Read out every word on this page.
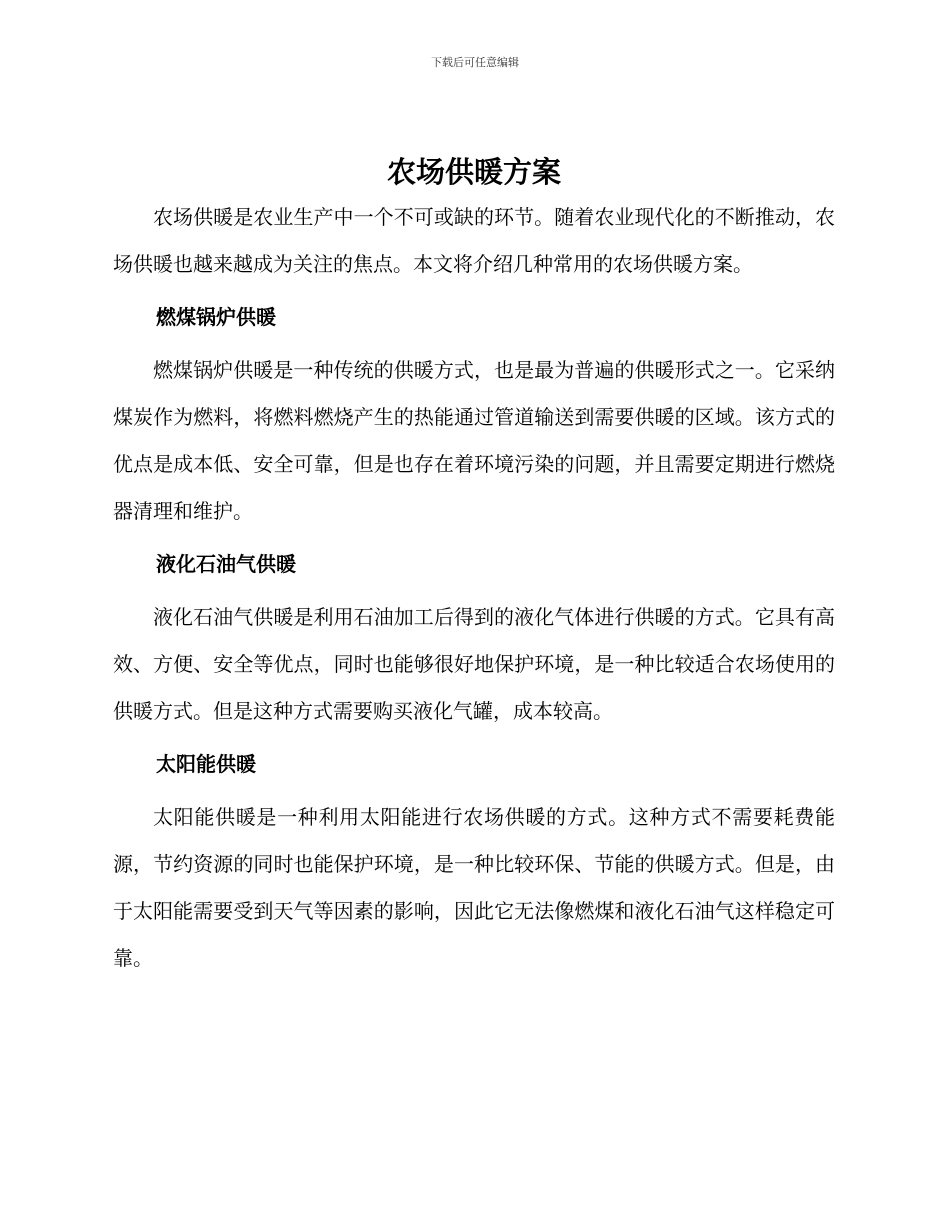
下载后可任意编辑
农场供暖方案

农场供暖是农业生产中一个不可或缺的环节。随着农业现代化的不断推动，农场供暖也越来越成为关注的焦点。本文将介绍几种常用的农场供暖方案。

燃煤锅炉供暖

燃煤锅炉供暖是一种传统的供暖方式，也是最为普遍的供暖形式之一。它采纳煤炭作为燃料，将燃料燃烧产生的热能通过管道输送到需要供暖的区域。该方式的优点是成本低、安全可靠，但是也存在着环境污染的问题，并且需要定期进行燃烧器清理和维护。

液化石油气供暖

液化石油气供暖是利用石油加工后得到的液化气体进行供暖的方式。它具有高效、方便、安全等优点，同时也能够很好地保护环境，是一种比较适合农场使用的供暖方式。但是这种方式需要购买液化气罐，成本较高。

太阳能供暖

太阳能供暖是一种利用太阳能进行农场供暖的方式。这种方式不需要耗费能源，节约资源的同时也能保护环境，是一种比较环保、节能的供暖方式。但是，由于太阳能需要受到天气等因素的影响，因此它无法像燃煤和液化石油气这样稳定可靠。
